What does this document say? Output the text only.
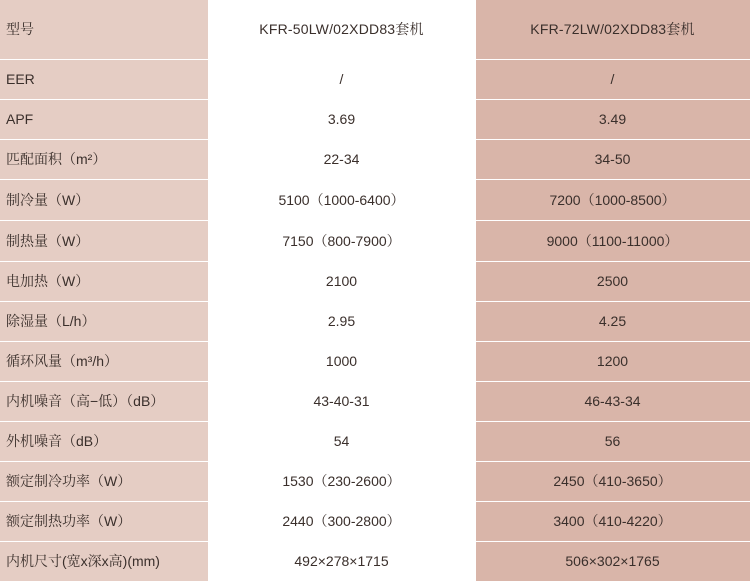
型号	KFR-50LW/02XDD83套机	KFR-72LW/02XDD83套机
EER	/	/
APF	3.69	3.49
匹配面积（m²）	22-34	34-50
制冷量（W）	5100（1000-6400）	7200（1000-8500）
制热量（W）	7150（800-7900）	9000（1100-11000）
电加热（W）	2100	2500
除湿量（L/h）	2.95	4.25
循环风量（m³/h）	1000	1200
内机噪音（高−低）（dB）	43-40-31	46-43-34
外机噪音（dB）	54	56
额定制冷功率（W）	1530（230-2600）	2450（410-3650）
额定制热功率（W）	2440（300-2800）	3400（410-4220）
内机尺寸(宽x深x高)(mm)	492×278×1715	506×302×1765
